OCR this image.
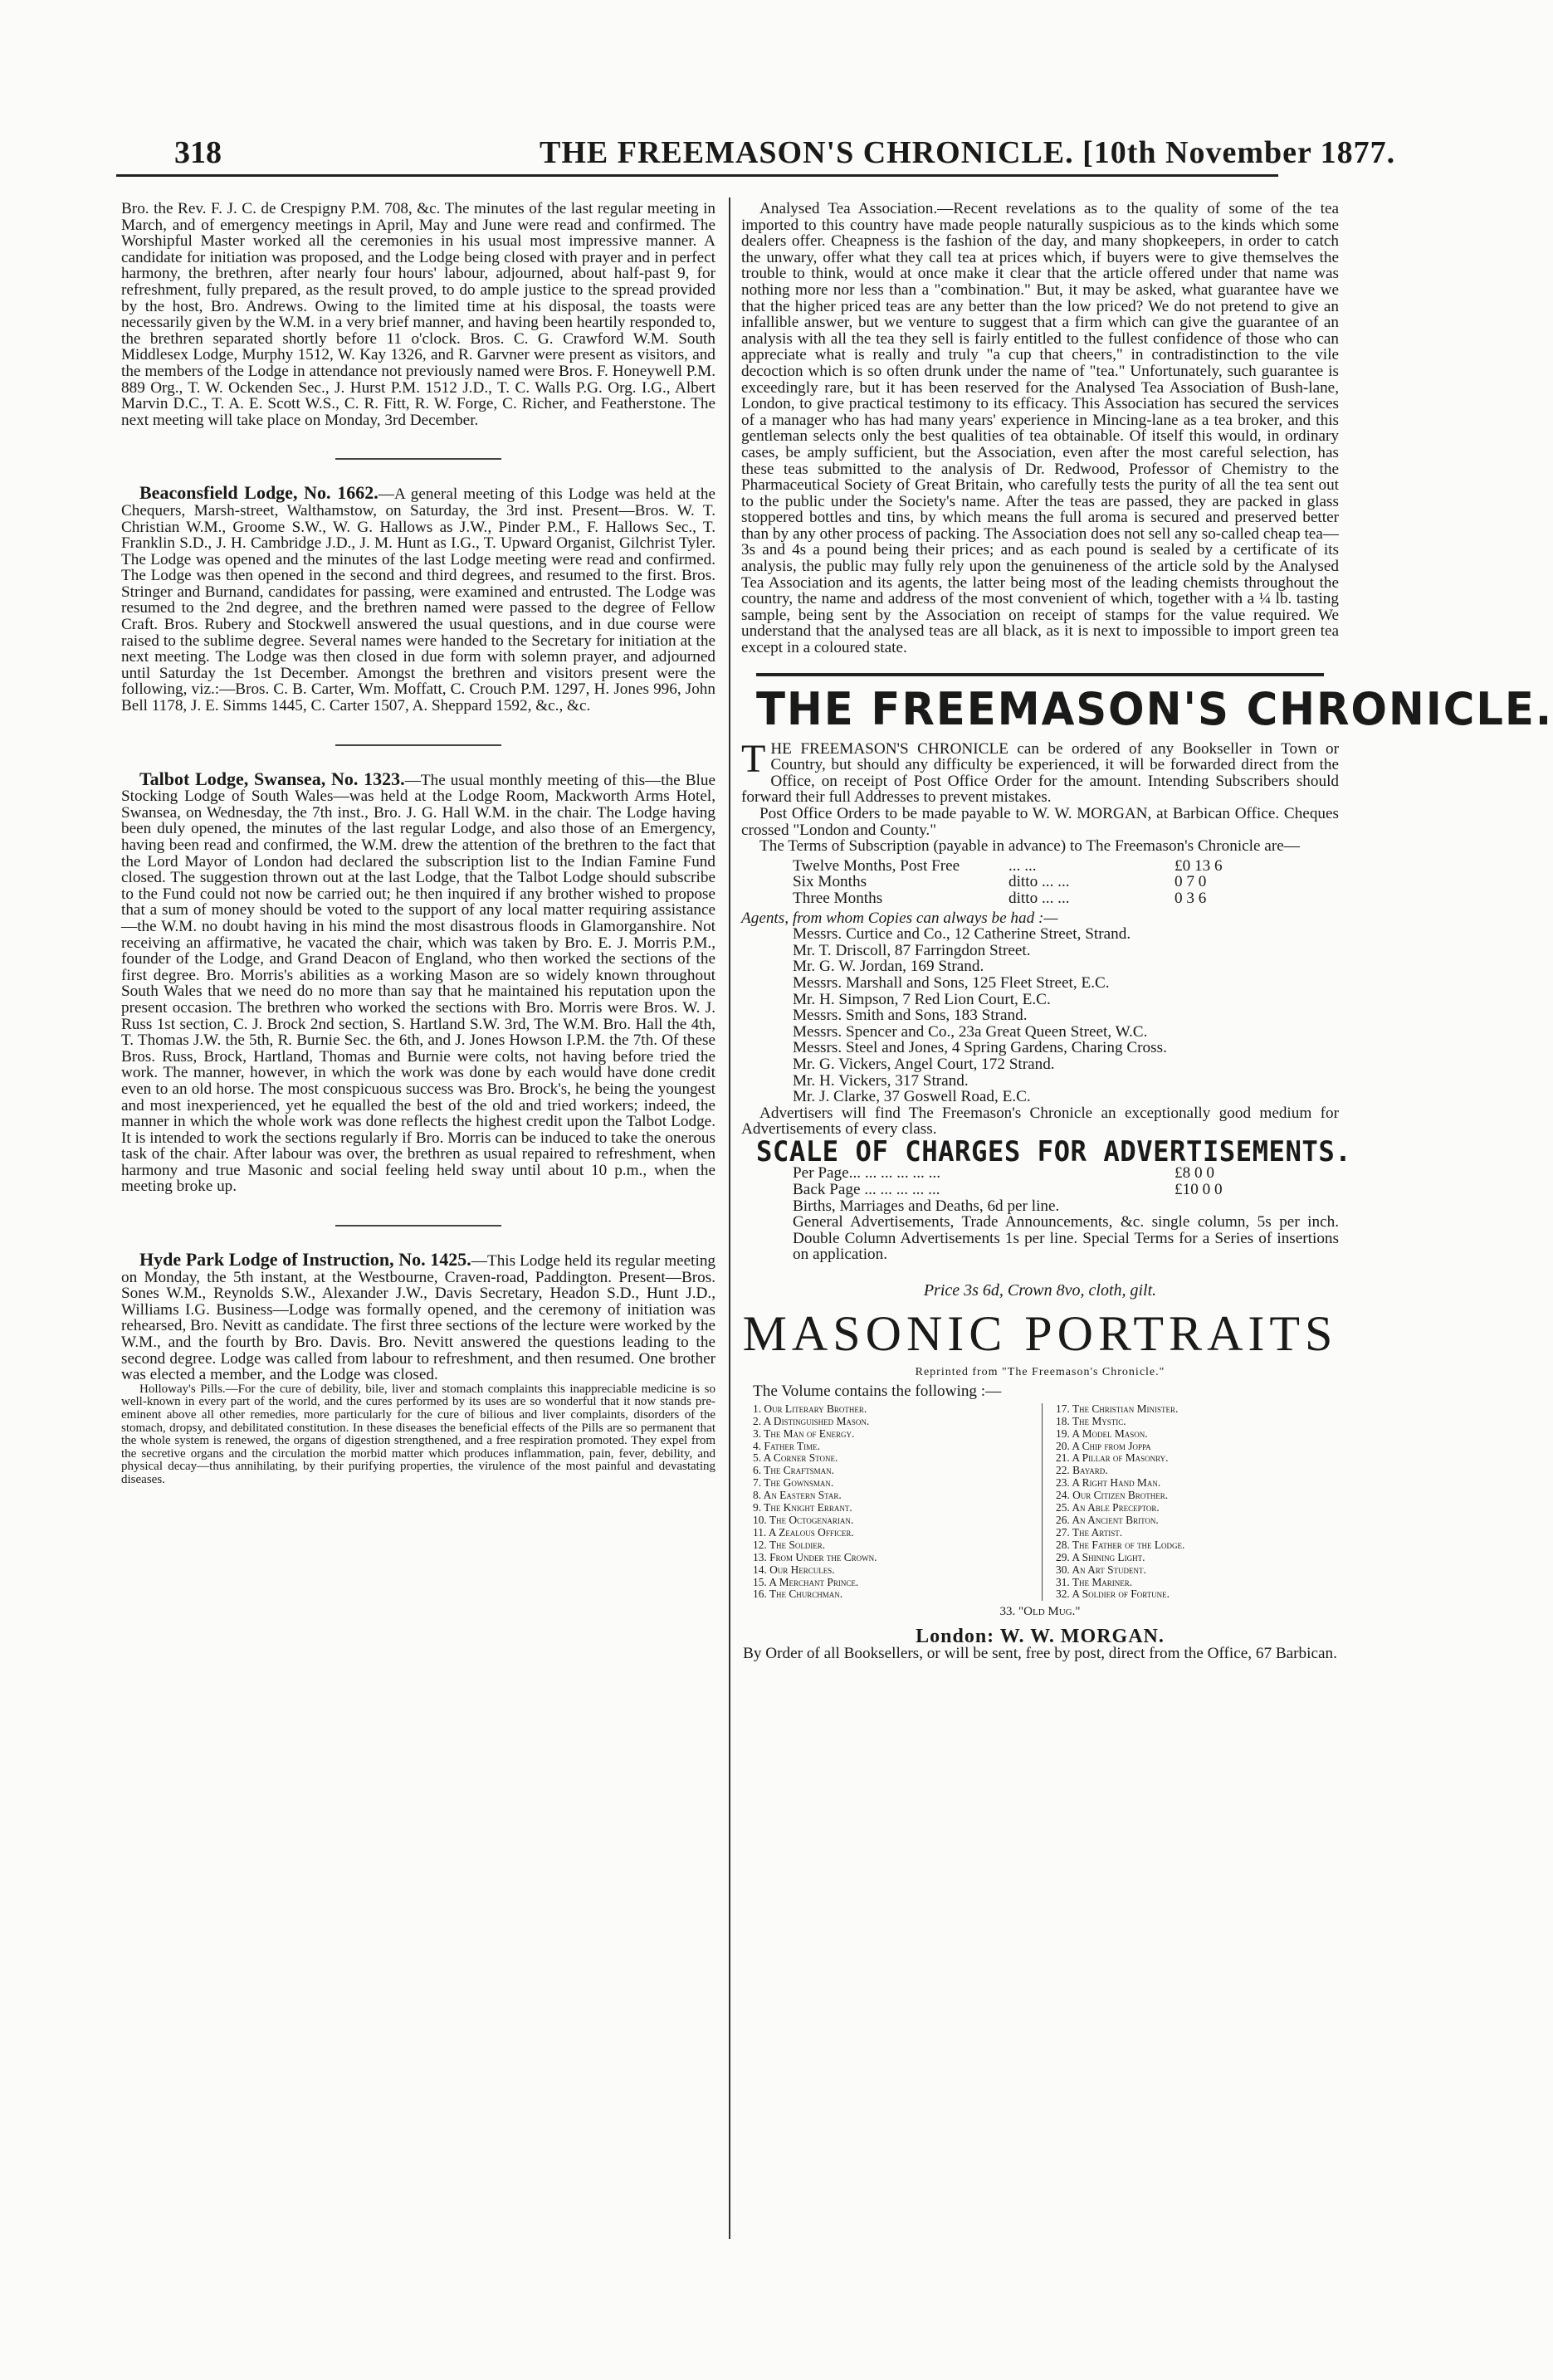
318	THE FREEMASON'S CHRONICLE. [10th November 1877.

Bro. the Rev. F. J. C. de Crespigny P.M. 708, &c. The minutes of the last regular meeting in March, and of emergency meetings in April, May and June were read and confirmed. The Worshipful Master worked all the ceremonies in his usual most impressive manner. A candidate for initiation was proposed, and the Lodge being closed with prayer and in perfect harmony, the brethren, after nearly four hours' labour, adjourned, about half-past 9, for refreshment, fully prepared, as the result proved, to do ample justice to the spread provided by the host, Bro. Andrews. Owing to the limited time at his disposal, the toasts were necessarily given by the W.M. in a very brief manner, and having been heartily responded to, the brethren separated shortly before 11 o'clock. Bros. C. G. Crawford W.M. South Middlesex Lodge, Murphy 1512, W. Kay 1326, and R. Garvner were present as visitors, and the members of the Lodge in attendance not previously named were Bros. F. Honeywell P.M. 889 Org., T. W. Ockenden Sec., J. Hurst P.M. 1512 J.D., T. C. Walls P.G. Org. I.G., Albert Marvin D.C., T. A. E. Scott W.S., C. R. Fitt, R. W. Forge, C. Richer, and Featherstone. The next meeting will take place on Monday, 3rd December.

Beaconsfield Lodge, No. 1662.—A general meeting of this Lodge was held at the Chequers, Marsh-street, Walthamstow, on Saturday, the 3rd inst. Present—Bros. W. T. Christian W.M., Groome S.W., W. G. Hallows as J.W., Pinder P.M., F. Hallows Sec., T. Franklin S.D., J. H. Cambridge J.D., J. M. Hunt as I.G., T. Upward Organist, Gilchrist Tyler. The Lodge was opened and the minutes of the last Lodge meeting were read and confirmed. The Lodge was then opened in the second and third degrees, and resumed to the first. Bros. Stringer and Burnand, candidates for passing, were examined and entrusted. The Lodge was resumed to the 2nd degree, and the brethren named were passed to the degree of Fellow Craft. Bros. Rubery and Stockwell answered the usual questions, and in due course were raised to the sublime degree. Several names were handed to the Secretary for initiation at the next meeting. The Lodge was then closed in due form with solemn prayer, and adjourned until Saturday the 1st December. Amongst the brethren and visitors present were the following, viz.:—Bros. C. B. Carter, Wm. Moffatt, C. Crouch P.M. 1297, H. Jones 996, John Bell 1178, J. E. Simms 1445, C. Carter 1507, A. Sheppard 1592, &c., &c.

Talbot Lodge, Swansea, No. 1323.—The usual monthly meeting of this—the Blue Stocking Lodge of South Wales—was held at the Lodge Room, Mackworth Arms Hotel, Swansea, on Wednesday, the 7th inst., Bro. J. G. Hall W.M. in the chair. The Lodge having been duly opened, the minutes of the last regular Lodge, and also those of an Emergency, having been read and confirmed, the W.M. drew the attention of the brethren to the fact that the Lord Mayor of London had declared the subscription list to the Indian Famine Fund closed. The suggestion thrown out at the last Lodge, that the Talbot Lodge should subscribe to the Fund could not now be carried out; he then inquired if any brother wished to propose that a sum of money should be voted to the support of any local matter requiring assistance—the W.M. no doubt having in his mind the most disastrous floods in Glamorganshire. Not receiving an affirmative, he vacated the chair, which was taken by Bro. E. J. Morris P.M., founder of the Lodge, and Grand Deacon of England, who then worked the sections of the first degree. Bro. Morris's abilities as a working Mason are so widely known throughout South Wales that we need do no more than say that he maintained his reputation upon the present occasion. The brethren who worked the sections with Bro. Morris were Bros. W. J. Russ 1st section, C. J. Brock 2nd section, S. Hartland S.W. 3rd, The W.M. Bro. Hall the 4th, T. Thomas J.W. the 5th, R. Burnie Sec. the 6th, and J. Jones Howson I.P.M. the 7th. Of these Bros. Russ, Brock, Hartland, Thomas and Burnie were colts, not having before tried the work. The manner, however, in which the work was done by each would have done credit even to an old horse. The most conspicuous success was Bro. Brock's, he being the youngest and most inexperienced, yet he equalled the best of the old and tried workers; indeed, the manner in which the whole work was done reflects the highest credit upon the Talbot Lodge. It is intended to work the sections regularly if Bro. Morris can be induced to take the onerous task of the chair. After labour was over, the brethren as usual repaired to refreshment, when harmony and true Masonic and social feeling held sway until about 10 p.m., when the meeting broke up.

Hyde Park Lodge of Instruction, No. 1425.—This Lodge held its regular meeting on Monday, the 5th instant, at the Westbourne, Craven-road, Paddington. Present—Bros. Sones W.M., Reynolds S.W., Alexander J.W., Davis Secretary, Headon S.D., Hunt J.D., Williams I.G. Business—Lodge was formally opened, and the ceremony of initiation was rehearsed, Bro. Nevitt as candidate. The first three sections of the lecture were worked by the W.M., and the fourth by Bro. Davis. Bro. Nevitt answered the questions leading to the second degree. Lodge was called from labour to refreshment, and then resumed. One brother was elected a member, and the Lodge was closed.

Holloway's Pills.—For the cure of debility, bile, liver and stomach complaints this inappreciable medicine is so well-known in every part of the world, and the cures performed by its uses are so wonderful that it now stands pre-eminent above all other remedies, more particularly for the cure of bilious and liver complaints, disorders of the stomach, dropsy, and debilitated constitution. In these diseases the beneficial effects of the Pills are so permanent that the whole system is renewed, the organs of digestion strengthened, and a free respiration promoted. They expel from the secretive organs and the circulation the morbid matter which produces inflammation, pain, fever, debility, and physical decay—thus annihilating, by their purifying properties, the virulence of the most painful and devastating diseases.

Analysed Tea Association.—Recent revelations as to the quality of some of the tea imported to this country have made people naturally suspicious as to the kinds which some dealers offer. Cheapness is the fashion of the day, and many shopkeepers, in order to catch the unwary, offer what they call tea at prices which, if buyers were to give themselves the trouble to think, would at once make it clear that the article offered under that name was nothing more nor less than a "combination." But, it may be asked, what guarantee have we that the higher priced teas are any better than the low priced? We do not pretend to give an infallible answer, but we venture to suggest that a firm which can give the guarantee of an analysis with all the tea they sell is fairly entitled to the fullest confidence of those who can appreciate what is really and truly "a cup that cheers," in contradistinction to the vile decoction which is so often drunk under the name of "tea." Unfortunately, such guarantee is exceedingly rare, but it has been reserved for the Analysed Tea Association of Bush-lane, London, to give practical testimony to its efficacy. This Association has secured the services of a manager who has had many years' experience in Mincing-lane as a tea broker, and this gentleman selects only the best qualities of tea obtainable. Of itself this would, in ordinary cases, be amply sufficient, but the Association, even after the most careful selection, has these teas submitted to the analysis of Dr. Redwood, Professor of Chemistry to the Pharmaceutical Society of Great Britain, who carefully tests the purity of all the tea sent out to the public under the Society's name. After the teas are passed, they are packed in glass stoppered bottles and tins, by which means the full aroma is secured and preserved better than by any other process of packing. The Association does not sell any so-called cheap tea—3s and 4s a pound being their prices; and as each pound is sealed by a certificate of its analysis, the public may fully rely upon the genuineness of the article sold by the Analysed Tea Association and its agents, the latter being most of the leading chemists throughout the country, the name and address of the most convenient of which, together with a ¼ lb. tasting sample, being sent by the Association on receipt of stamps for the value required. We understand that the analysed teas are all black, as it is next to impossible to import green tea except in a coloured state.

THE FREEMASON'S CHRONICLE.

THE FREEMASON'S CHRONICLE can be ordered of any Bookseller in Town or Country, but should any difficulty be experienced, it will be forwarded direct from the Office, on receipt of Post Office Order for the amount. Intending Subscribers should forward their full Addresses to prevent mistakes.

Post Office Orders to be made payable to W. W. MORGAN, at Barbican Office. Cheques crossed "London and County."

The Terms of Subscription (payable in advance) to The Freemason's Chronicle are—

Twelve Months, Post Free	... ...	£0 13 6
Six Months	ditto ... ...	0 7 0
Three Months	ditto ... ...	0 3 6
Agents, from whom Copies can always be had :—
Messrs. Curtice and Co., 12 Catherine Street, Strand.
Mr. T. Driscoll, 87 Farringdon Street.
Mr. G. W. Jordan, 169 Strand.
Messrs. Marshall and Sons, 125 Fleet Street, E.C.
Mr. H. Simpson, 7 Red Lion Court, E.C.
Messrs. Smith and Sons, 183 Strand.
Messrs. Spencer and Co., 23a Great Queen Street, W.C.
Messrs. Steel and Jones, 4 Spring Gardens, Charing Cross.
Mr. G. Vickers, Angel Court, 172 Strand.
Mr. H. Vickers, 317 Strand.
Mr. J. Clarke, 37 Goswell Road, E.C.

Advertisers will find The Freemason's Chronicle an exceptionally good medium for Advertisements of every class.

SCALE OF CHARGES FOR ADVERTISEMENTS.
Per Page... ... ... ... ... ...	£8 0 0
Back Page ... ... ... ... ...	£10 0 0
Births, Marriages and Deaths, 6d per line.
General Advertisements, Trade Announcements, &c. single column, 5s per inch. Double Column Advertisements 1s per line. Special Terms for a Series of insertions on application.
Price 3s 6d, Crown 8vo, cloth, gilt.
MASONIC PORTRAITS
Reprinted from "The Freemason's Chronicle."
The Volume contains the following :—
1. Our Literary Brother.
2. A Distinguished Mason.
3. The Man of Energy.
4. Father Time.
5. A Corner Stone.
6. The Craftsman.
7. The Gownsman.
8. An Eastern Star.
9. The Knight Errant.
10. The Octogenarian.
11. A Zealous Officer.
12. The Soldier.
13. From Under the Crown.
14. Our Hercules.
15. A Merchant Prince.
16. The Churchman.
17. The Christian Minister.
18. The Mystic.
19. A Model Mason.
20. A Chip from Joppa
21. A Pillar of Masonry.
22. Bayard.
23. A Right Hand Man.
24. Our Citizen Brother.
25. An Able Preceptor.
26. An Ancient Briton.
27. The Artist.
28. The Father of the Lodge.
29. A Shining Light.
30. An Art Student.
31. The Mariner.
32. A Soldier of Fortune.
33. "Old Mug."
London: W. W. MORGAN.
By Order of all Booksellers, or will be sent, free by post, direct from the Office, 67 Barbican.
